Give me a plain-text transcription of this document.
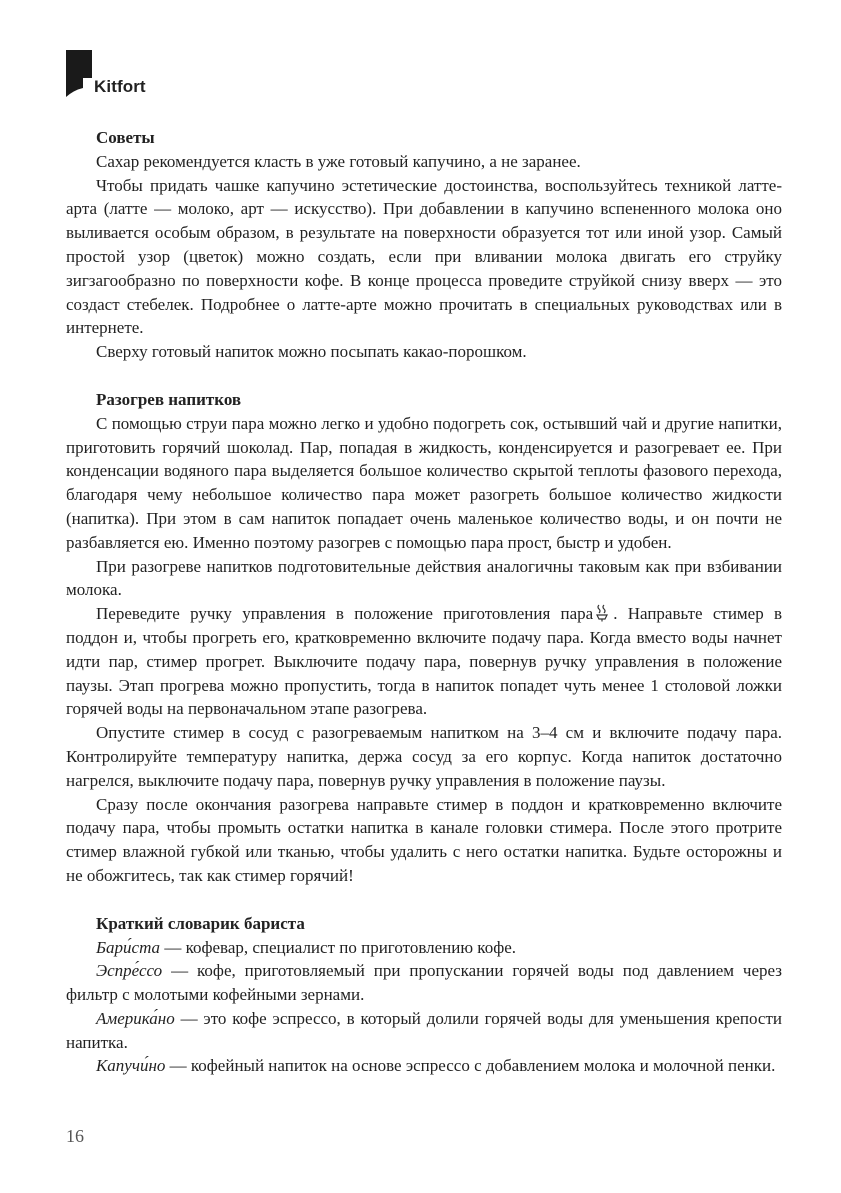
Kitfort
Советы

Сахар рекомендуется класть в уже готовый капучино, а не заранее.

Чтобы придать чашке капучино эстетические достоинства, воспользуйтесь техникой латте-арта (латте — молоко, арт — искусство). При добавлении в капучино вспененного молока оно выливается особым образом, в результате на поверхности образуется тот или иной узор. Самый простой узор (цветок) можно создать, если при вливании молока двигать его струйку зигзагообразно по поверхности кофе. В конце процесса проведите струйкой снизу вверх — это создаст стебелек. Подробнее о латте-арте можно прочитать в специальных руководствах или в интернете.

Сверху готовый напиток можно посыпать какао-порошком.

Разогрев напитков

С помощью струи пара можно легко и удобно подогреть сок, остывший чай и другие напитки, приготовить горячий шоколад. Пар, попадая в жидкость, конденсируется и разогревает ее. При конденсации водяного пара выделяется большое количество скрытой теплоты фазового перехода, благодаря чему небольшое количество пара может разогреть большое количество жидкости (напитка). При этом в сам напиток попадает очень маленькое количество воды, и он почти не разбавляется ею. Именно поэтому разогрев с помощью пара прост, быстр и удобен.

При разогреве напитков подготовительные действия аналогичны таковым как при взбивании молока.

Переведите ручку управления в положение приготовления пара . Направьте стимер в поддон и, чтобы прогреть его, кратковременно включите подачу пара. Когда вместо воды начнет идти пар, стимер прогрет. Выключите подачу пара, повернув ручку управления в положение паузы. Этап прогрева можно пропустить, тогда в напиток попадет чуть менее 1 столовой ложки горячей воды на первоначальном этапе разогрева.

Опустите стимер в сосуд с разогреваемым напитком на 3–4 см и включите подачу пара. Контролируйте температуру напитка, держа сосуд за его корпус. Когда напиток достаточно нагрелся, выключите подачу пара, повернув ручку управления в положение паузы.

Сразу после окончания разогрева направьте стимер в поддон и кратковременно включите подачу пара, чтобы промыть остатки напитка в канале головки стимера. После этого протрите стимер влажной губкой или тканью, чтобы удалить с него остатки напитка. Будьте осторожны и не обожгитесь, так как стимер горячий!

Краткий словарик бариста

Бари́ста — кофевар, специалист по приготовлению кофе.

Эспре́ссо — кофе, приготовляемый при пропускании горячей воды под давлением через фильтр с молотыми кофейными зернами.

Америка́но — это кофе эспрессо, в который долили горячей воды для уменьшения крепости напитка.

Капучи́но — кофейный напиток на основе эспрессо с добавлением молока и молочной пенки.

16
